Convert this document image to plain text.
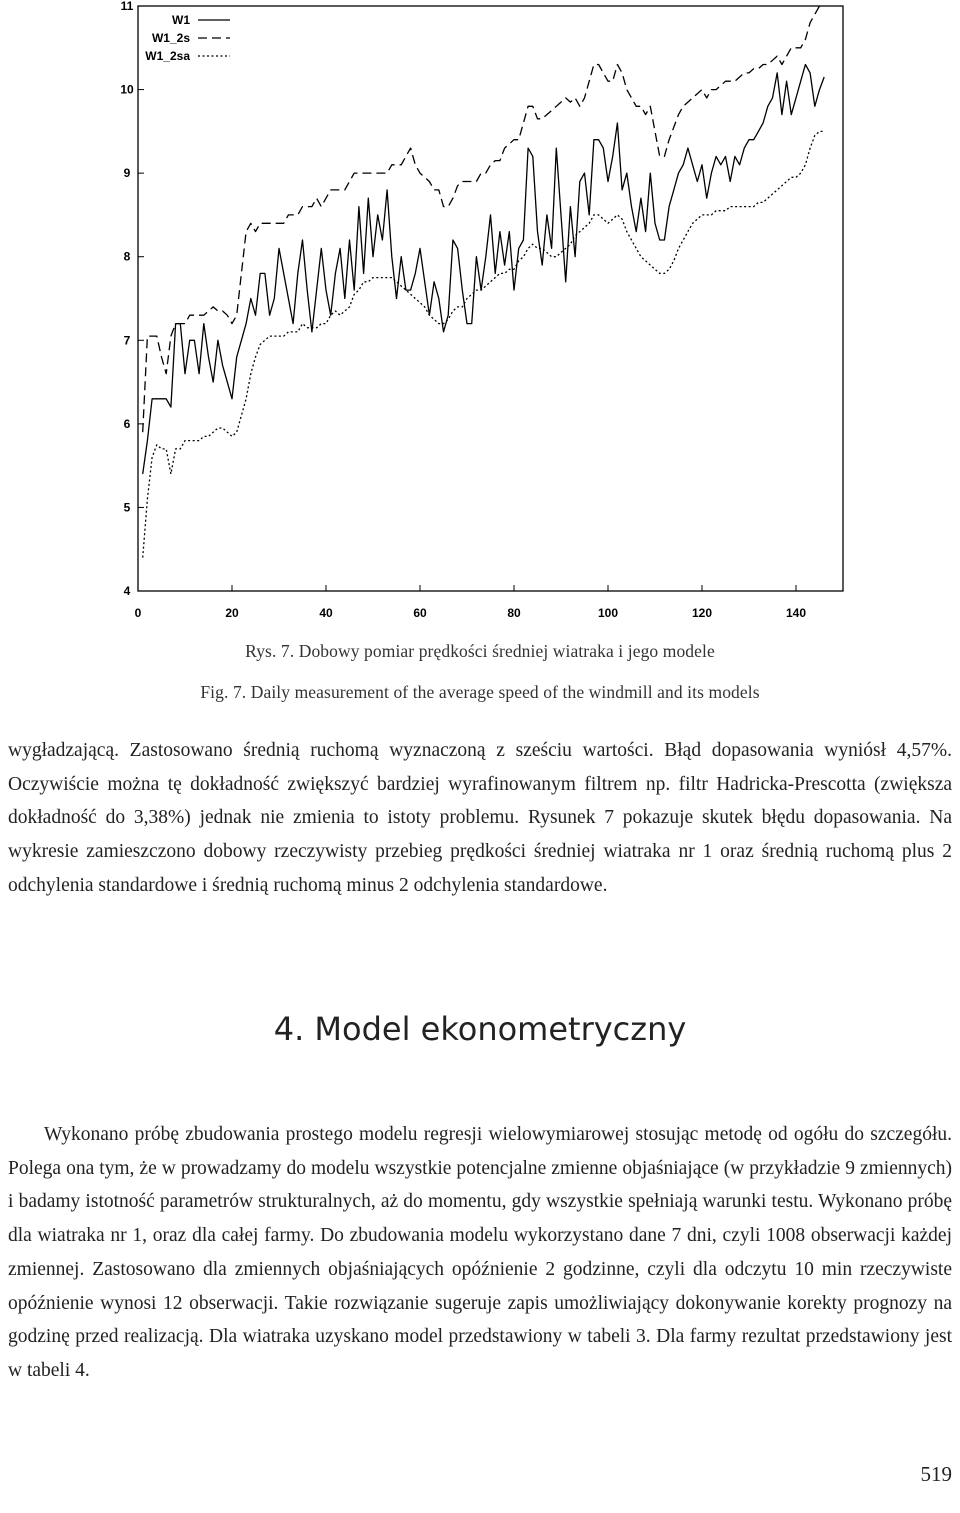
0	20	40	60	80	100	120	140
4
5
6
7
8
9
10
11
W1
W1_2s
W1_2sa
Rys. 7. Dobowy pomiar prędkości średniej wiatraka i jego modele
Fig. 7. Daily measurement of the average speed of the windmill and its models

wygładzającą. Zastosowano średnią ruchomą wyznaczoną z sześciu wartości. Błąd dopasowania wyniósł 4,57%. Oczywiście można tę dokładność zwiększyć bardziej wyrafinowanym filtrem np. filtr Hadricka-Prescotta (zwiększa dokładność do 3,38%) jednak nie zmienia to istoty problemu. Rysunek 7 pokazuje skutek błędu dopasowania. Na wykresie zamieszczono dobowy rzeczywisty przebieg prędkości średniej wiatraka nr 1 oraz średnią ruchomą plus 2 odchylenia standardowe i średnią ruchomą minus 2 odchylenia standardowe.

4. Model ekonometryczny

Wykonano próbę zbudowania prostego modelu regresji wielowymiarowej stosując metodę od ogółu do szczegółu. Polega ona tym, że w prowadzamy do modelu wszystkie potencjalne zmienne objaśniające (w przykładzie 9 zmiennych) i badamy istotność parametrów strukturalnych, aż do momentu, gdy wszystkie spełniają warunki testu. Wykonano próbę dla wiatraka nr 1, oraz dla całej farmy. Do zbudowania modelu wykorzystano dane 7 dni, czyli 1008 obserwacji każdej zmiennej. Zastosowano dla zmiennych objaśniających opóźnienie 2 godzinne, czyli dla odczytu 10 min rzeczywiste opóźnienie wynosi 12 obserwacji. Takie rozwiązanie sugeruje zapis umożliwiający dokonywanie korekty prognozy na godzinę przed realizacją. Dla wiatraka uzyskano model przedstawiony w tabeli 3. Dla farmy rezultat przedstawiony jest w tabeli 4.

519
